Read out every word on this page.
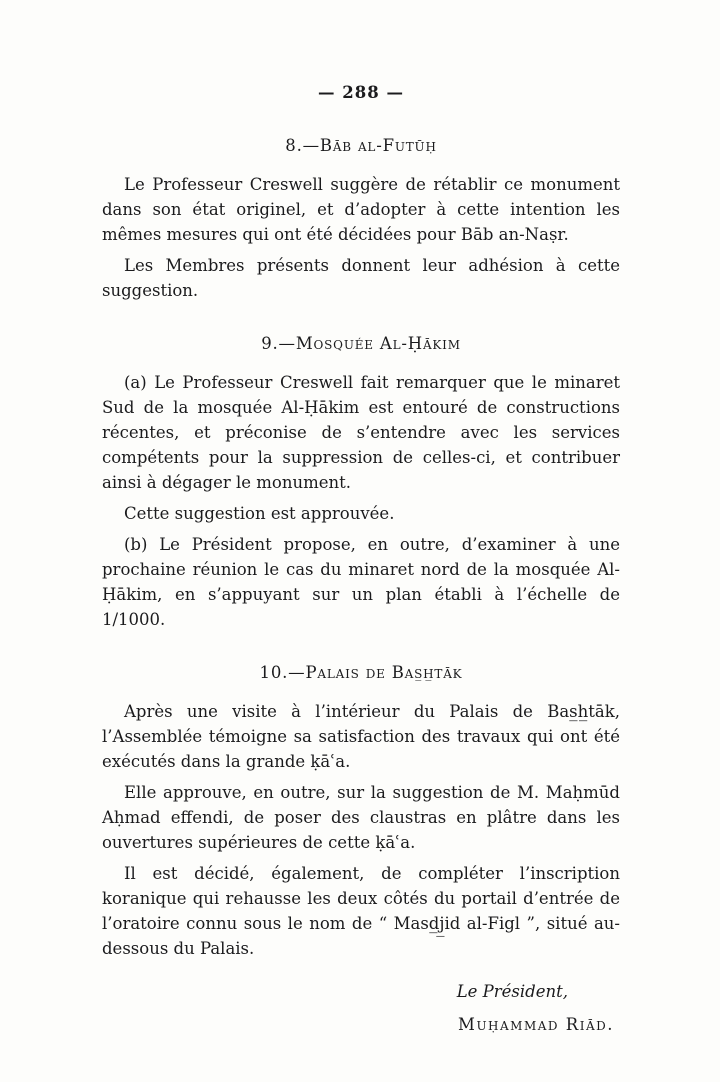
— 288 —
8.—Bāb al-Futūḥ

Le Professeur Creswell suggère de rétablir ce monument dans son état originel, et d’adopter à cette intention les mêmes mesures qui ont été décidées pour Bāb an-Naṣr.

Les Membres présents donnent leur adhésion à cette suggestion.

9.—Mosquée Al-Ḥākim

(a) Le Professeur Creswell fait remarquer que le minaret Sud de la mosquée Al-Ḥākim est entouré de constructions récentes, et préconise de s’entendre avec les services compétents pour la suppression de celles-ci, et contribuer ainsi à dégager le monument.

Cette suggestion est approuvée.

(b) Le Président propose, en outre, d’examiner à une prochaine réunion le cas du minaret nord de la mosquée Al-Ḥākim, en s’appuyant sur un plan établi à l’échelle de 1/1000.

10.—Palais de Bas̲h̲tāk

Après une visite à l’intérieur du Palais de Bas̲h̲tāk, l’Assemblée témoigne sa satisfaction des travaux qui ont été exécutés dans la grande ḳāʿa.

Elle approuve, en outre, sur la suggestion de M. Maḥmūd Aḥmad effendi, de poser des claustras en plâtre dans les ouvertures supérieures de cette ḳāʿa.

Il est décidé, également, de compléter l’inscription koranique qui rehausse les deux côtés du portail d’entrée de l’oratoire connu sous le nom de “ Masd̲j̲id al-Figl ”, situé au-dessous du Palais.

Le Président,
Muḥammad Riād.
